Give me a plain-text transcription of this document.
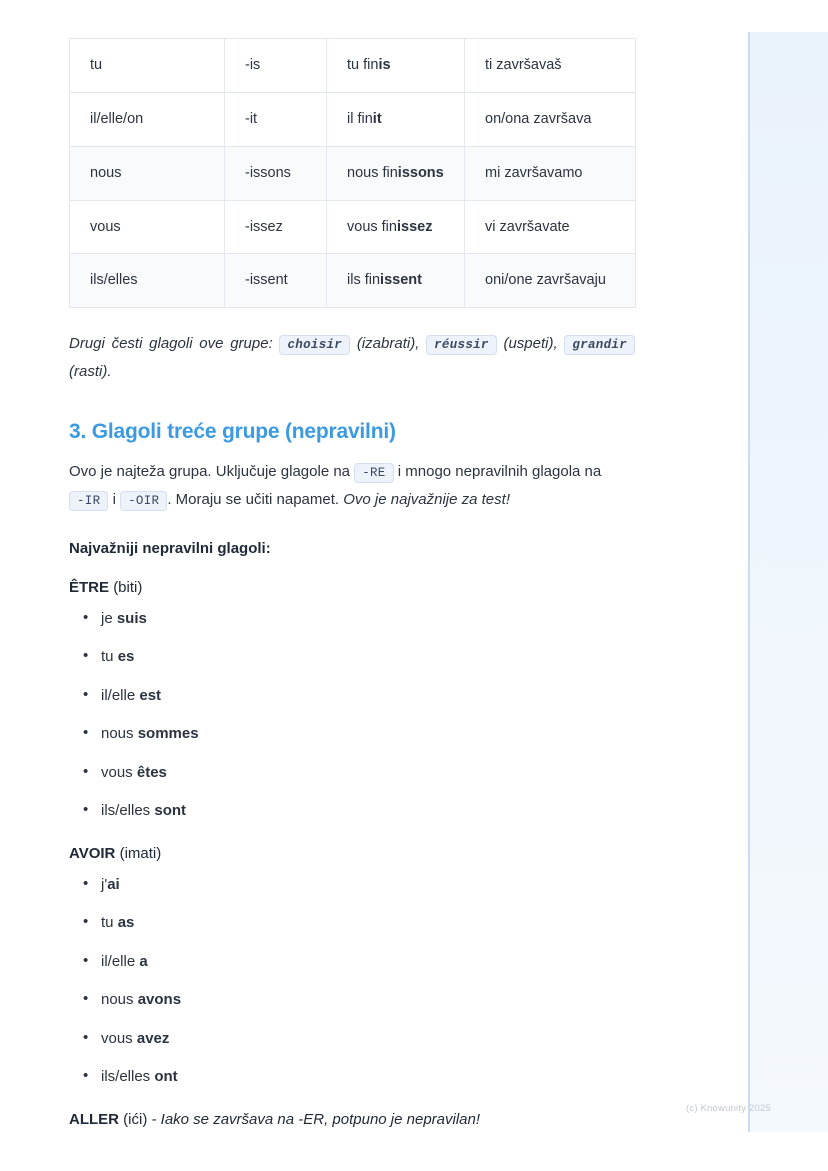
(c) Knowunity 2025
tu	-is	tu finis	ti završavaš
il/elle/on	-it	il finit	on/ona završava
nous	-issons	nous finissons	mi završavamo
vous	-issez	vous finissez	vi završavate
ils/elles	-issent	ils finissent	oni/one završavaju

Drugi česti glagoli ove grupe: choisir (izabrati), réussir (uspeti), grandir (rasti).

3. Glagoli treće grupe (nepravilni)

Ovo je najteža grupa. Uključuje glagole na -RE i mnogo nepravilnih glagola na -IR i -OIR . Moraju se učiti napamet. Ovo je najvažnije za test!

Najvažniji nepravilni glagoli:

ÊTRE (biti)

• je suis
• tu es
• il/elle est
• nous sommes
• vous êtes
• ils/elles sont

AVOIR (imati)

• j'ai
• tu as
• il/elle a
• nous avons
• vous avez
• ils/elles ont

ALLER (ići) - Iako se završava na -ER, potpuno je nepravilan!
